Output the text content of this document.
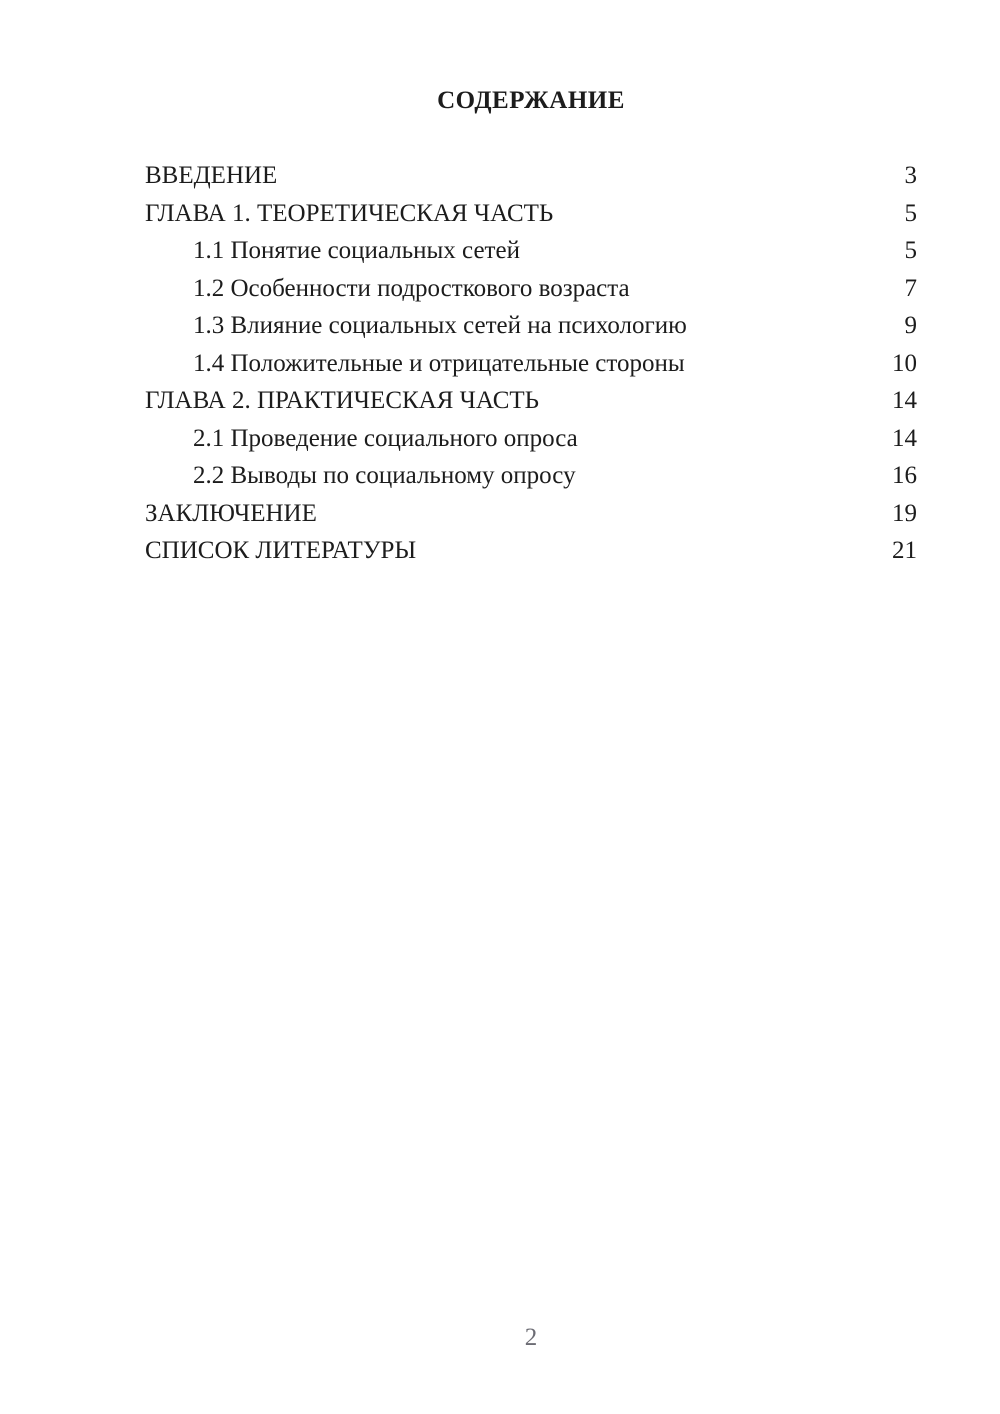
СОДЕРЖАНИЕ
ВВЕДЕНИЕ	3
ГЛАВА 1. ТЕОРЕТИЧЕСКАЯ ЧАСТЬ	5
1.1 Понятие социальных сетей	5
1.2 Особенности подросткового возраста	7
1.3 Влияние социальных сетей на психологию	9
1.4 Положительные и отрицательные стороны	10
ГЛАВА 2. ПРАКТИЧЕСКАЯ ЧАСТЬ	14
2.1 Проведение социального опроса	14
2.2 Выводы по социальному опросу	16
ЗАКЛЮЧЕНИЕ	19
СПИСОК ЛИТЕРАТУРЫ	21
2
